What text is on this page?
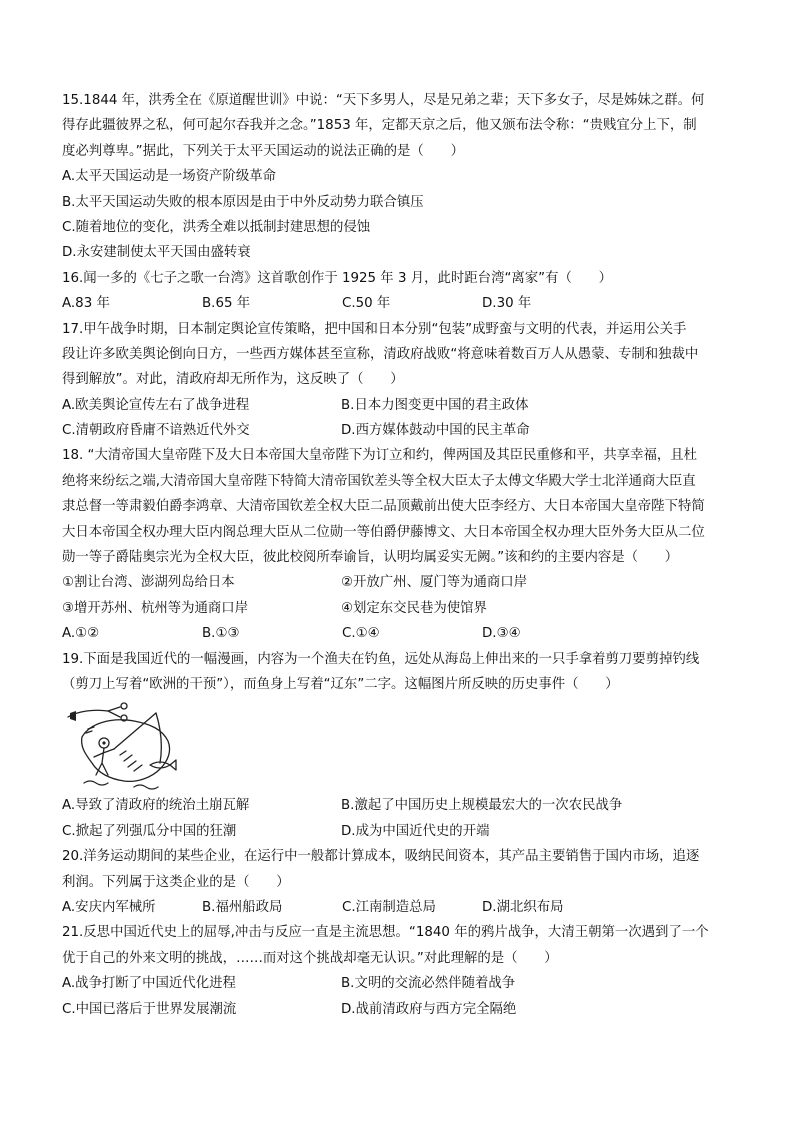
15.1844 年，洪秀全在《原道醒世训》中说：“天下多男人，尽是兄弟之辈；天下多女子，尽是姊妹之群。何
得存此疆彼界之私，何可起尔吞我并之念。”1853 年，定都天京之后，他又颁布法令称：“贵贱宜分上下，制
度必判尊卑。”据此，下列关于太平天国运动的说法正确的是（　　）
A.太平天国运动是一场资产阶级革命
B.太平天国运动失败的根本原因是由于中外反动势力联合镇压
C.随着地位的变化，洪秀全难以抵制封建思想的侵蚀
D.永安建制使太平天国由盛转衰
16.闻一多的《七子之歌一台湾》这首歌创作于 1925 年 3 月，此时距台湾“离家”有（　　）
A.83 年	B.65 年	C.50 年	D.30 年
17.甲午战争时期，日本制定舆论宣传策略，把中国和日本分别“包装”成野蛮与文明的代表，并运用公关手
段让许多欧美舆论倒向日方，一些西方媒体甚至宣称，清政府战败“将意味着数百万人从愚蒙、专制和独裁中
得到解放”。对此，清政府却无所作为，这反映了（　　）
A.欧美舆论宣传左右了战争进程	B.日本力图变更中国的君主政体
C.清朝政府昏庸不谙熟近代外交	D.西方媒体鼓动中国的民主革命
18. “大清帝国大皇帝陛下及大日本帝国大皇帝陛下为订立和约，俾两国及其臣民重修和平，共享幸福，且杜
绝将来纷纭之端,大清帝国大皇帝陛下特简大清帝国钦差头等全权大臣太子太傅文华殿大学士北洋通商大臣直
隶总督一等肃毅伯爵李鸿章、大清帝国钦差全权大臣二品顶戴前出使大臣李经方、大日本帝国大皇帝陛下特简
大日本帝国全权办理大臣内阁总理大臣从二位勋一等伯爵伊藤博文、大日本帝国全权办理大臣外务大臣从二位
勋一等子爵陆奥宗光为全权大臣，彼此校阅所奉谕旨，认明均属妥实无阙。”该和约的主要内容是（　　）
①割让台湾、澎湖列岛给日本	②开放广州、厦门等为通商口岸
③增开苏州、杭州等为通商口岸	④划定东交民巷为使馆界
A.①②	B.①③	C.①④	D.③④
19.下面是我国近代的一幅漫画，内容为一个渔夫在钓鱼，远处从海岛上伸出来的一只手拿着剪刀要剪掉钓线
（剪刀上写着“欧洲的干预”），而鱼身上写着“辽东”二字。这幅图片所反映的历史事件（　　）
A.导致了清政府的统治土崩瓦解	B.激起了中国历史上规模最宏大的一次农民战争
C.掀起了列强瓜分中国的狂潮	D.成为中国近代史的开端
20.洋务运动期间的某些企业，在运行中一般都计算成本，吸纳民间资本，其产品主要销售于国内市场，追逐
利润。下列属于这类企业的是（　　）
A.安庆内军械所	B.福州船政局	C.江南制造总局	D.湖北织布局
21.反思中国近代史上的屈辱,冲击与反应一直是主流思想。“1840 年的鸦片战争，大清王朝第一次遇到了一个
优于自己的外来文明的挑战，……而对这个挑战却毫无认识。”对此理解的是（　　）
A.战争打断了中国近代化进程	B.文明的交流必然伴随着战争
C.中国已落后于世界发展潮流	D.战前清政府与西方完全隔绝
